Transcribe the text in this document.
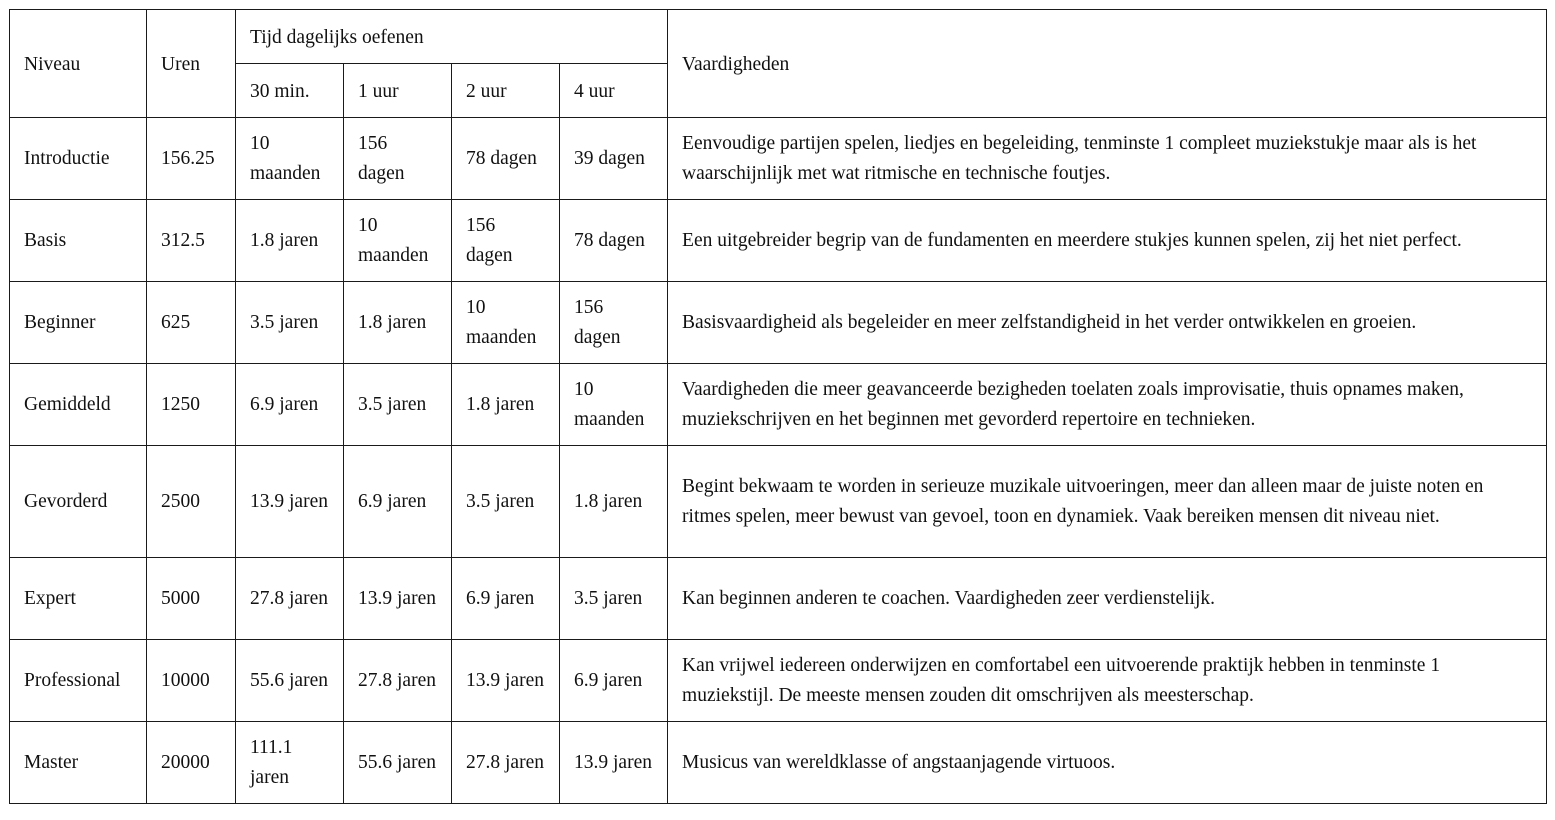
Niveau	Uren	Tijd dagelijks oefenen				Vaardigheden
		30 min.	1 uur	2 uur	4 uur	
Introductie	156.25	10 maanden	156 dagen	78 dagen	39 dagen	Eenvoudige partijen spelen, liedjes en begeleiding, tenminste 1 compleet muziekstukje maar als is het waarschijnlijk met wat ritmische en technische foutjes.
Basis	312.5	1.8 jaren	10 maanden	156 dagen	78 dagen	Een uitgebreider begrip van de fundamenten en meerdere stukjes kunnen spelen, zij het niet perfect.
Beginner	625	3.5 jaren	1.8 jaren	10 maanden	156 dagen	Basisvaardigheid als begeleider en meer zelfstandigheid in het verder ontwikkelen en groeien.
Gemiddeld	1250	6.9 jaren	3.5 jaren	1.8 jaren	10 maanden	Vaardigheden die meer geavanceerde bezigheden toelaten zoals improvisatie, thuis opnames maken, muziekschrijven en het beginnen met gevorderd repertoire en technieken.
Gevorderd	2500	13.9 jaren	6.9 jaren	3.5 jaren	1.8 jaren	Begint bekwaam te worden in serieuze muzikale uitvoeringen, meer dan alleen maar de juiste noten en ritmes spelen, meer bewust van gevoel, toon en dynamiek. Vaak bereiken mensen dit niveau niet.
Expert	5000	27.8 jaren	13.9 jaren	6.9 jaren	3.5 jaren	Kan beginnen anderen te coachen. Vaardigheden zeer verdienstelijk.
Professional	10000	55.6 jaren	27.8 jaren	13.9 jaren	6.9 jaren	Kan vrijwel iedereen onderwijzen en comfortabel een uitvoerende praktijk hebben in tenminste 1 muziekstijl. De meeste mensen zouden dit omschrijven als meesterschap.
Master	20000	111.1 jaren	55.6 jaren	27.8 jaren	13.9 jaren	Musicus van wereldklasse of angstaanjagende virtuoos.
